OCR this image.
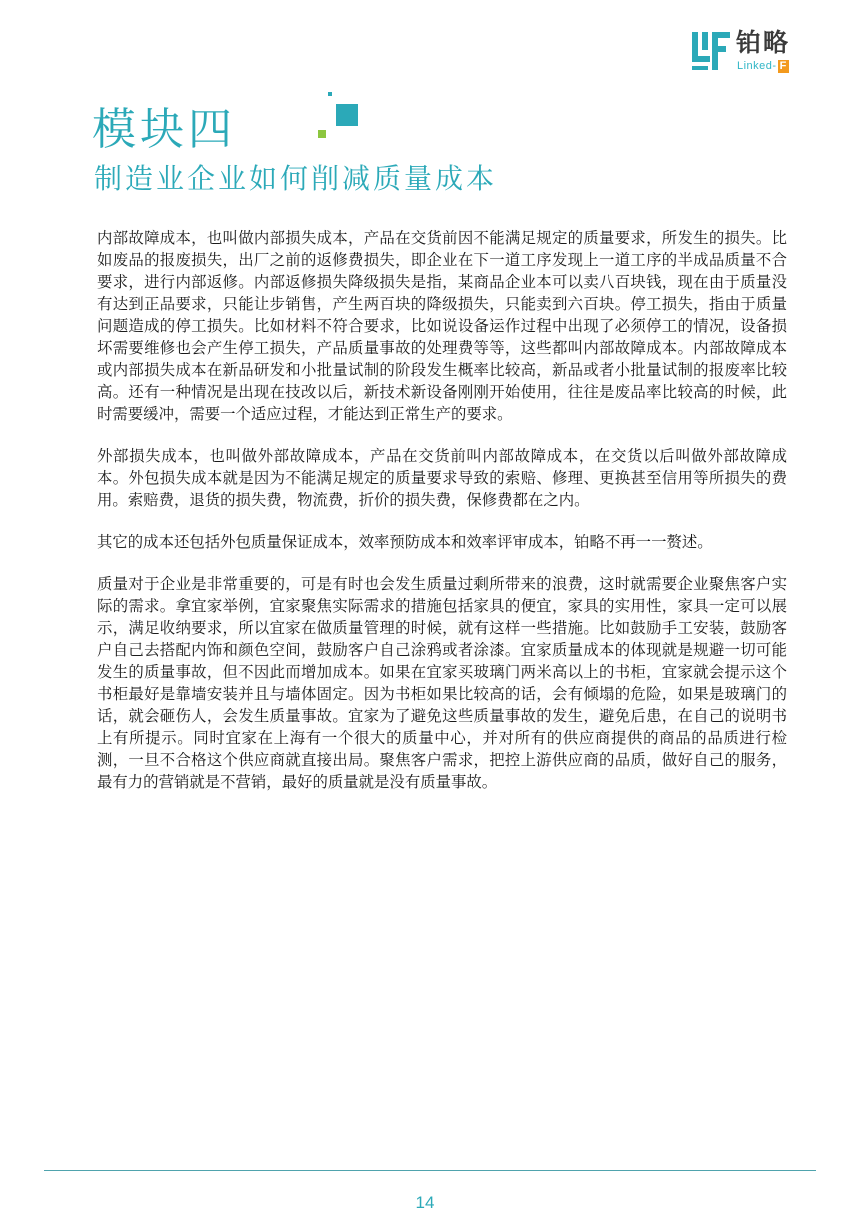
铂略
Linked- F
模块四
制造业企业如何削减质量成本

内部故障成本，也叫做内部损失成本，产品在交货前因不能满足规定的质量要求，所发生的损失。比如废品的报废损失，出厂之前的返修费损失，即企业在下一道工序发现上一道工序的半成品质量不合要求，进行内部返修。内部返修损失降级损失是指，某商品企业本可以卖八百块钱，现在由于质量没有达到正品要求，只能让步销售，产生两百块的降级损失，只能卖到六百块。停工损失，指由于质量问题造成的停工损失。比如材料不符合要求，比如说设备运作过程中出现了必须停工的情况，设备损坏需要维修也会产生停工损失，产品质量事故的处理费等等，这些都叫内部故障成本。内部故障成本或内部损失成本在新品研发和小批量试制的阶段发生概率比较高，新品或者小批量试制的报废率比较高。还有一种情况是出现在技改以后，新技术新设备刚刚开始使用，往往是废品率比较高的时候，此时需要缓冲，需要一个适应过程，才能达到正常生产的要求。

外部损失成本，也叫做外部故障成本，产品在交货前叫内部故障成本，在交货以后叫做外部故障成本。外包损失成本就是因为不能满足规定的质量要求导致的索赔、修理、更换甚至信用等所损失的费用。索赔费，退货的损失费，物流费，折价的损失费，保修费都在之内。

其它的成本还包括外包质量保证成本，效率预防成本和效率评审成本，铂略不再一一赘述。

质量对于企业是非常重要的，可是有时也会发生质量过剩所带来的浪费，这时就需要企业聚焦客户实际的需求。拿宜家举例，宜家聚焦实际需求的措施包括家具的便宜，家具的实用性，家具一定可以展示，满足收纳要求，所以宜家在做质量管理的时候，就有这样一些措施。比如鼓励手工安装，鼓励客户自己去搭配内饰和颜色空间，鼓励客户自己涂鸦或者涂漆。宜家质量成本的体现就是规避一切可能发生的质量事故，但不因此而增加成本。如果在宜家买玻璃门两米高以上的书柜，宜家就会提示这个书柜最好是靠墙安装并且与墙体固定。因为书柜如果比较高的话，会有倾塌的危险，如果是玻璃门的话，就会砸伤人，会发生质量事故。宜家为了避免这些质量事故的发生，避免后患，在自己的说明书上有所提示。同时宜家在上海有一个很大的质量中心，并对所有的供应商提供的商品的品质进行检测，一旦不合格这个供应商就直接出局。聚焦客户需求，把控上游供应商的品质，做好自己的服务，最有力的营销就是不营销，最好的质量就是没有质量事故。

14
